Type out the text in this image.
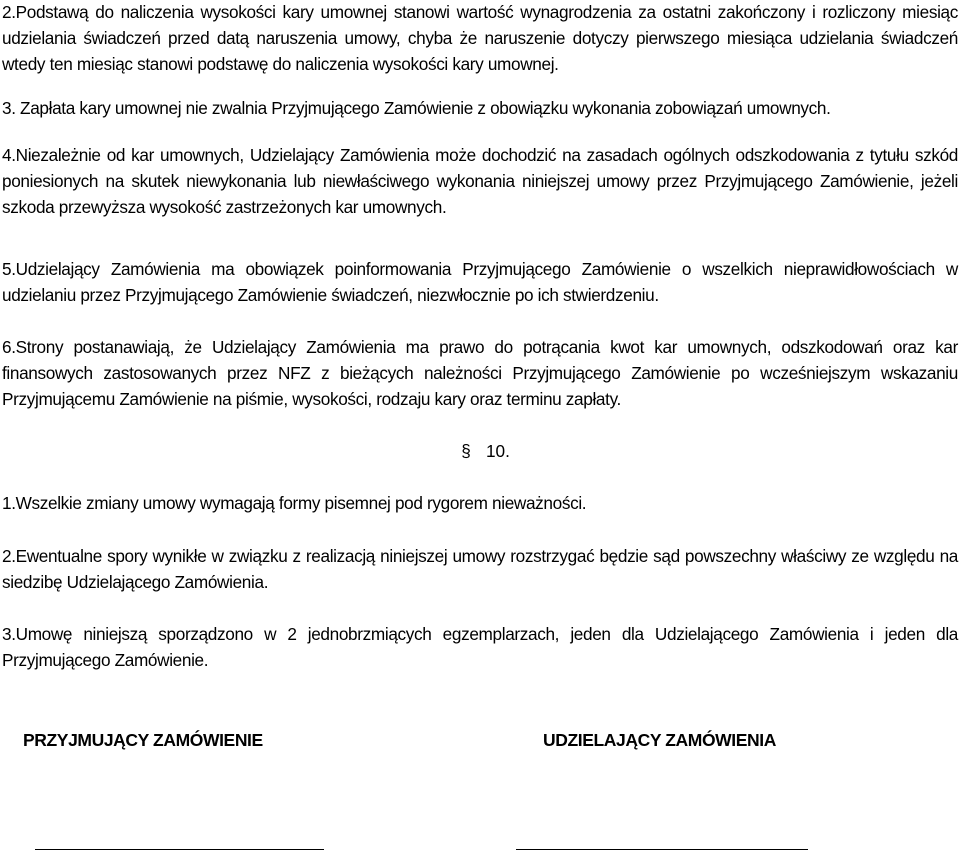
2.Podstawą do naliczenia wysokości kary umownej stanowi wartość wynagrodzenia za ostatni zakończony i rozliczony miesiąc udzielania świadczeń przed datą naruszenia umowy, chyba że naruszenie dotyczy pierwszego miesiąca udzielania świadczeń wtedy ten miesiąc stanowi podstawę do naliczenia wysokości kary umownej.

3. Zapłata kary umownej nie zwalnia Przyjmującego Zamówienie z obowiązku wykonania zobowiązań umownych.

4.Niezależnie od kar umownych, Udzielający Zamówienia może dochodzić na zasadach ogólnych odszkodowania z tytułu szkód poniesionych na skutek niewykonania lub niewłaściwego wykonania niniejszej umowy przez Przyjmującego Zamówienie, jeżeli szkoda przewyższa wysokość zastrzeżonych kar umownych.

5.Udzielający Zamówienia ma obowiązek poinformowania Przyjmującego Zamówienie o wszelkich nieprawidłowościach w udzielaniu przez Przyjmującego Zamówienie świadczeń, niezwłocznie po ich stwierdzeniu.

6.Strony postanawiają, że Udzielający Zamówienia ma prawo do potrącania kwot kar umownych, odszkodowań oraz kar finansowych zastosowanych przez NFZ z bieżących należności Przyjmującego Zamówienie po wcześniejszym wskazaniu Przyjmującemu Zamówienie na piśmie, wysokości, rodzaju kary oraz terminu zapłaty.

§ 10.

1.Wszelkie zmiany umowy wymagają formy pisemnej pod rygorem nieważności.

2.Ewentualne spory wynikłe w związku z realizacją niniejszej umowy rozstrzygać będzie sąd powszechny właściwy ze względu na siedzibę Udzielającego Zamówienia.

3.Umowę niniejszą sporządzono w 2 jednobrzmiących egzemplarzach, jeden dla Udzielającego Zamówienia i jeden dla Przyjmującego Zamówienie.

PRZYJMUJĄCY ZAMÓWIENIE	UDZIELAJĄCY ZAMÓWIENIA
